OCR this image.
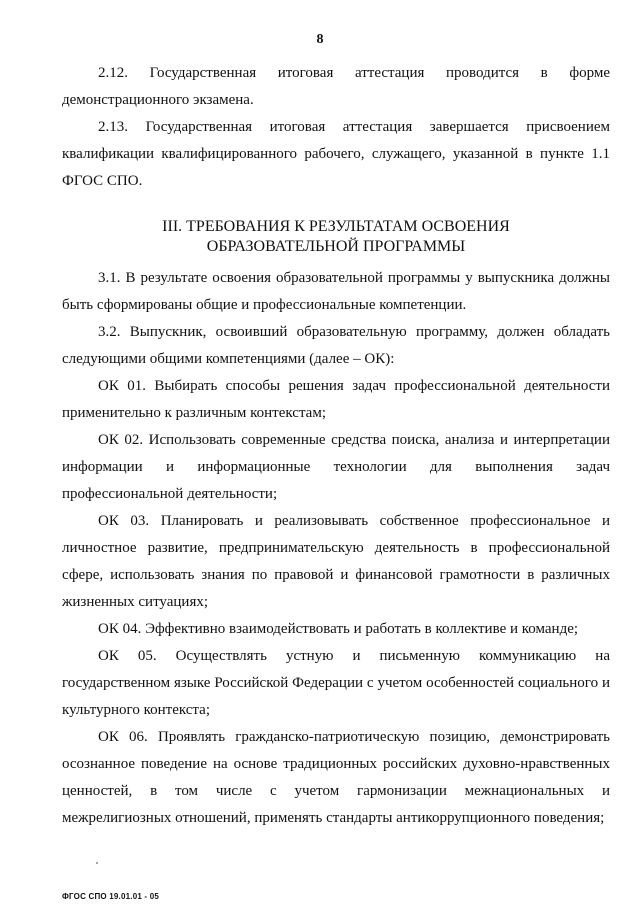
8

2.12. Государственная итоговая аттестация проводится в форме демонстрационного экзамена.

2.13. Государственная итоговая аттестация завершается присвоением квалификации квалифицированного рабочего, служащего, указанной в пункте 1.1 ФГОС СПО.

III. ТРЕБОВАНИЯ К РЕЗУЛЬТАТАМ ОСВОЕНИЯ ОБРАЗОВАТЕЛЬНОЙ ПРОГРАММЫ

3.1. В результате освоения образовательной программы у выпускника должны быть сформированы общие и профессиональные компетенции.

3.2. Выпускник, освоивший образовательную программу, должен обладать следующими общими компетенциями (далее – ОК):

ОК 01. Выбирать способы решения задач профессиональной деятельности применительно к различным контекстам;

ОК 02. Использовать современные средства поиска, анализа и интерпретации информации и информационные технологии для выполнения задач профессиональной деятельности;

ОК 03. Планировать и реализовывать собственное профессиональное и личностное развитие, предпринимательскую деятельность в профессиональной сфере, использовать знания по правовой и финансовой грамотности в различных жизненных ситуациях;

ОК 04. Эффективно взаимодействовать и работать в коллективе и команде;

ОК 05. Осуществлять устную и письменную коммуникацию на государственном языке Российской Федерации с учетом особенностей социального и культурного контекста;

ОК 06. Проявлять гражданско-патриотическую позицию, демонстрировать осознанное поведение на основе традиционных российских духовно-нравственных ценностей, в том числе с учетом гармонизации межнациональных и межрелигиозных отношений, применять стандарты антикоррупционного поведения;

ФГОС СПО 19.01.01 - 05
